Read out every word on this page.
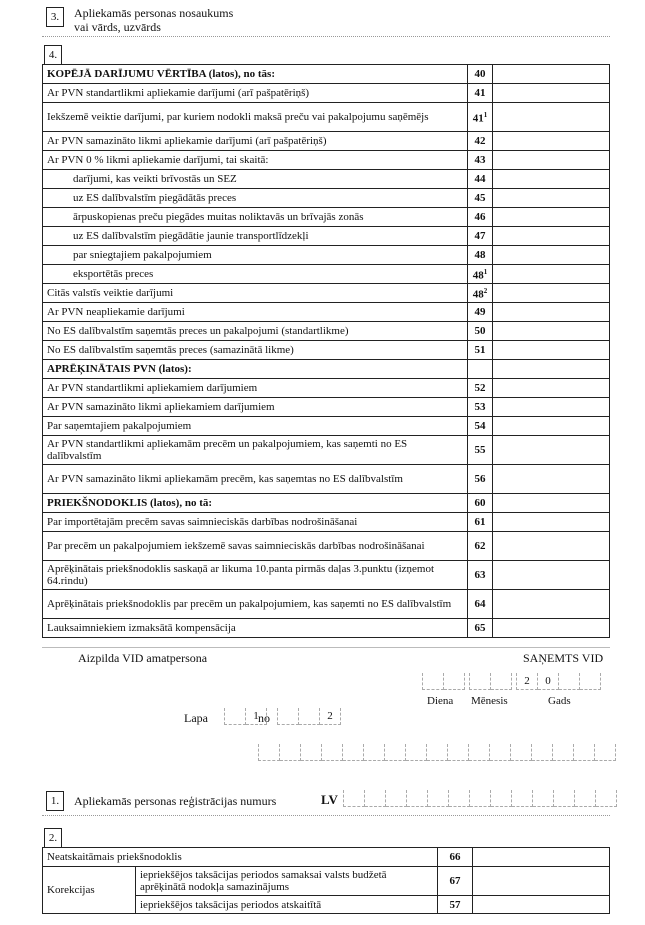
3.	Apliekamās personas nosaukums
vai vārds, uzvārds
4.
KOPĒJĀ DARĪJUMU VĒRTĪBA (latos), no tās:	40	
Ar PVN standartlikmi apliekamie darījumi (arī pašpatēriņš)	41	
Iekšzemē veiktie darījumi, par kuriem nodokli maksā preču vai pakalpojumu saņēmējs	$41^1$	
Ar PVN samazināto likmi apliekamie darījumi (arī pašpatēriņš)	42	
Ar PVN 0 % likmi apliekamie darījumi, tai skaitā:	43	
darījumi, kas veikti brīvostās un SEZ	44	
uz ES dalībvalstīm piegādātās preces	45	
ārpuskopienas preču piegādes muitas noliktavās un brīvajās zonās	46	
uz ES dalībvalstīm piegādātie jaunie transportlīdzekļi	47	
par sniegtajiem pakalpojumiem	48	
eksportētās preces	$48^1$	
Citās valstīs veiktie darījumi	$48^2$	
Ar PVN neapliekamie darījumi	49	
No ES dalībvalstīm saņemtās preces un pakalpojumi (standartlikme)	50	
No ES dalībvalstīm saņemtās preces (samazinātā likme)	51	
APRĒĶINĀTAIS PVN (latos):		
Ar PVN standartlikmi apliekamiem darījumiem	52	
Ar PVN samazināto likmi apliekamiem darījumiem	53	
Par saņemtajiem pakalpojumiem	54	
Ar PVN standartlikmi apliekamām precēm un pakalpojumiem, kas saņemti no ES dalībvalstīm	55	
Ar PVN samazināto likmi apliekamām precēm, kas saņemtas no ES dalībvalstīm	56	
PRIEKŠNODOKLIS (latos), no tā:	60	
Par importētajām precēm savas saimnieciskās darbības nodrošināšanai	61	
Par precēm un pakalpojumiem iekšzemē savas saimnieciskās darbības nodrošināšanai	62	
Aprēķinātais priekšnodoklis saskaņā ar likuma 10.panta pirmās daļas 3.punktu (izņemot 64.rindu)	63	
Aprēķinātais priekšnodoklis par precēm un pakalpojumiem, kas saņemti no ES dalībvalstīm	64	
Lauksaimniekiem izmaksātā kompensācija	65	
Aizpilda VID amatpersona	SAŅEMTS VID
2	0
Diena Mēnesis	Gads
Lapa	1 no	2
1.	Apliekamās personas reģistrācijas numurs	LV
2.
Neatskaitāmais priekšnodoklis		66	
Korekcijas	iepriekšējos taksācijas periodos samaksai valsts budžetā aprēķinātā nodokļa samazinājums	67	
	iepriekšējos taksācijas periodos atskaitītā	57	
